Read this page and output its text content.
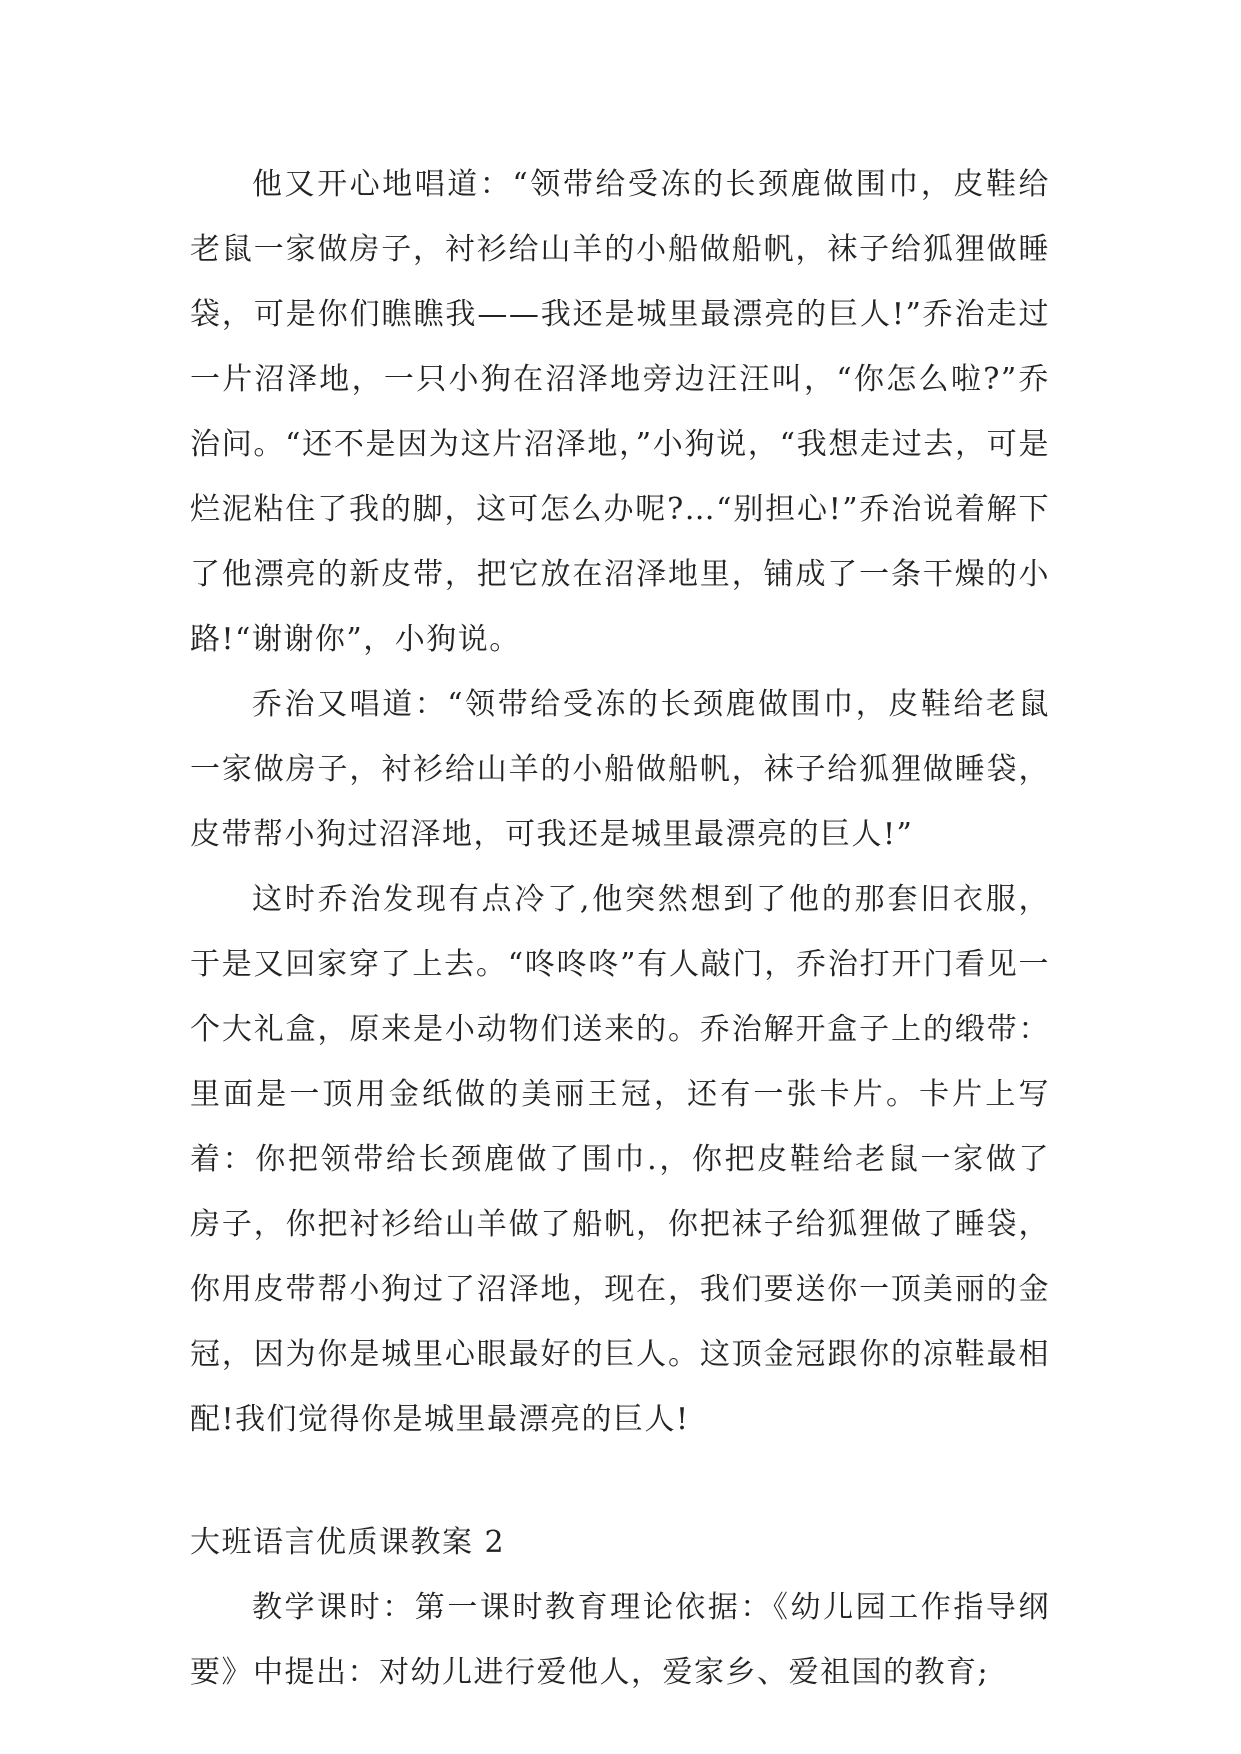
他又开心地唱道：“领带给受冻的长颈鹿做围巾，皮鞋给老鼠一家做房子，衬衫给山羊的小船做船帆，袜子给狐狸做睡袋，可是你们瞧瞧我——我还是城里最漂亮的巨人!”乔治走过一片沼泽地，一只小狗在沼泽地旁边汪汪叫，“你怎么啦?”乔治问。“还不是因为这片沼泽地，”小狗说，“我想走过去，可是烂泥粘住了我的脚，这可怎么办呢?…“别担心!”乔治说着解下了他漂亮的新皮带，把它放在沼泽地里，铺成了一条干燥的小路!“谢谢你”，小狗说。

乔治又唱道：“领带给受冻的长颈鹿做围巾，皮鞋给老鼠一家做房子，衬衫给山羊的小船做船帆，袜子给狐狸做睡袋，皮带帮小狗过沼泽地，可我还是城里最漂亮的巨人!”

这时乔治发现有点冷了,他突然想到了他的那套旧衣服，于是又回家穿了上去。“咚咚咚”有人敲门，乔治打开门看见一个大礼盒，原来是小动物们送来的。乔治解开盒子上的缎带：里面是一顶用金纸做的美丽王冠，还有一张卡片。卡片上写着：你把领带给长颈鹿做了围巾.，你把皮鞋给老鼠一家做了房子，你把衬衫给山羊做了船帆，你把袜子给狐狸做了睡袋，你用皮带帮小狗过了沼泽地，现在，我们要送你一顶美丽的金冠，因为你是城里心眼最好的巨人。这顶金冠跟你的凉鞋最相配!我们觉得你是城里最漂亮的巨人!

大班语言优质课教案 2

教学课时：第一课时教育理论依据：《幼儿园工作指导纲要》中提出：对幼儿进行爱他人，爱家乡、爱祖国的教育;
